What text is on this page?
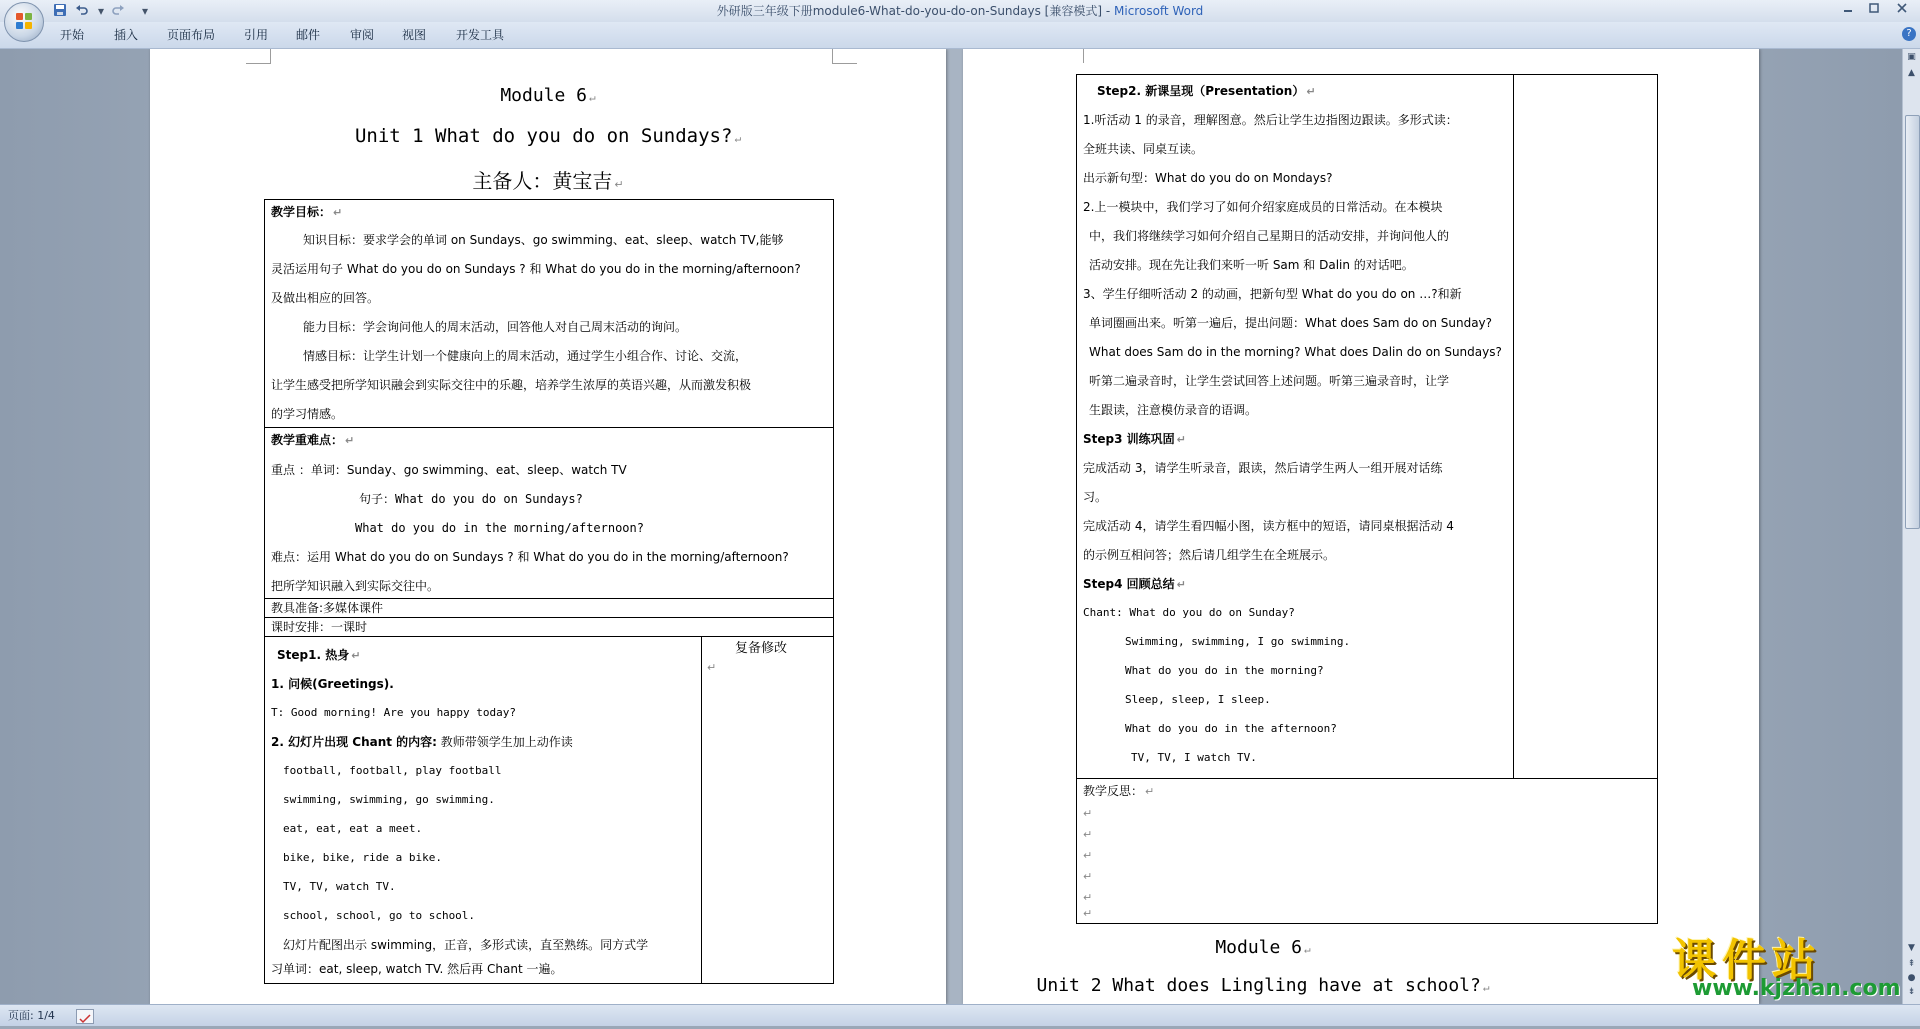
外研版三年级下册module6-What-do-you-do-on-Sundays [兼容模式] - Microsoft Word
▾	▾
开始 插入 页面布局 引用 邮件 审阅 视图 开发工具	?
Module 6 ↵
Unit 1 What do you do on Sundays? ↵
主备人：黄宝吉 ↵
教学目标： ↵
知识目标：要求学会的单词 on Sundays、go swimming、eat、sleep、watch TV,能够
灵活运用句子 What do you do on Sundays ? 和 What do you do in the morning/afternoon?
及做出相应的回答。
能力目标：学会询问他人的周末活动，回答他人对自己周末活动的询问。
情感目标：让学生计划一个健康向上的周末活动，通过学生小组合作、讨论、交流，
让学生感受把所学知识融会到实际交往中的乐趣，培养学生浓厚的英语兴趣，从而激发积极
的学习情感。
教学重难点： ↵
重点 ：单词：Sunday、go swimming、eat、sleep、watch TV
句子：What do you do on Sundays?
What do you do in the morning/afternoon?
难点：运用 What do you do on Sundays ? 和 What do you do in the morning/afternoon?
把所学知识融入到实际交往中。
教具准备:多媒体课件
课时安排：一课时
复备修改
↵
Step1. 热身 ↵
1. 问候(Greetings).
T: Good morning! Are you happy today?
2. 幻灯片出现 Chant 的内容: 教师带领学生加上动作读
football, football, play football
swimming, swimming, go swimming.
eat, eat, eat a meet.
bike, bike, ride a bike.
TV, TV, watch TV.
school, school, go to school.
幻灯片配图出示 swimming，正音，多形式读，直至熟练。同方式学
习单词：eat, sleep, watch TV. 然后再 Chant 一遍。
Step2. 新课呈现（Presentation） ↵
1.听活动 1 的录音，理解图意。然后让学生边指图边跟读。多形式读：
全班共读、同桌互读。
出示新句型：What do you do on Mondays?
2.上一模块中，我们学习了如何介绍家庭成员的日常活动。在本模块
中，我们将继续学习如何介绍自己星期日的活动安排，并询问他人的
活动安排。现在先让我们来听一听 Sam 和 Dalin 的对话吧。
3、学生仔细听活动 2 的动画，把新句型 What do you do on …?和新
单词圈画出来。听第一遍后，提出问题：What does Sam do on Sunday?
What does Sam do in the morning? What does Dalin do on Sundays?
听第二遍录音时，让学生尝试回答上述问题。听第三遍录音时，让学
生跟读，注意模仿录音的语调。
Step3 训练巩固 ↵
完成活动 3，请学生听录音，跟读，然后请学生两人一组开展对话练
习。
完成活动 4，请学生看四幅小图，读方框中的短语，请同桌根据活动 4
的示例互相问答；然后请几组学生在全班展示。
Step4 回顾总结 ↵
Chant: What do you do on Sunday?
Swimming, swimming, I go swimming.
What do you do in the morning?
Sleep, sleep, I sleep.
What do you do in the afternoon?
TV, TV, I watch TV.
教学反思： ↵
↵
↵
↵
↵
↵
↵
Module 6 ↵
Unit 2 What does Lingling have at school? ↵
▣
▲
▼
⇞
●
⇟
课件站
www.kjzhan.com
页面: 1/4
